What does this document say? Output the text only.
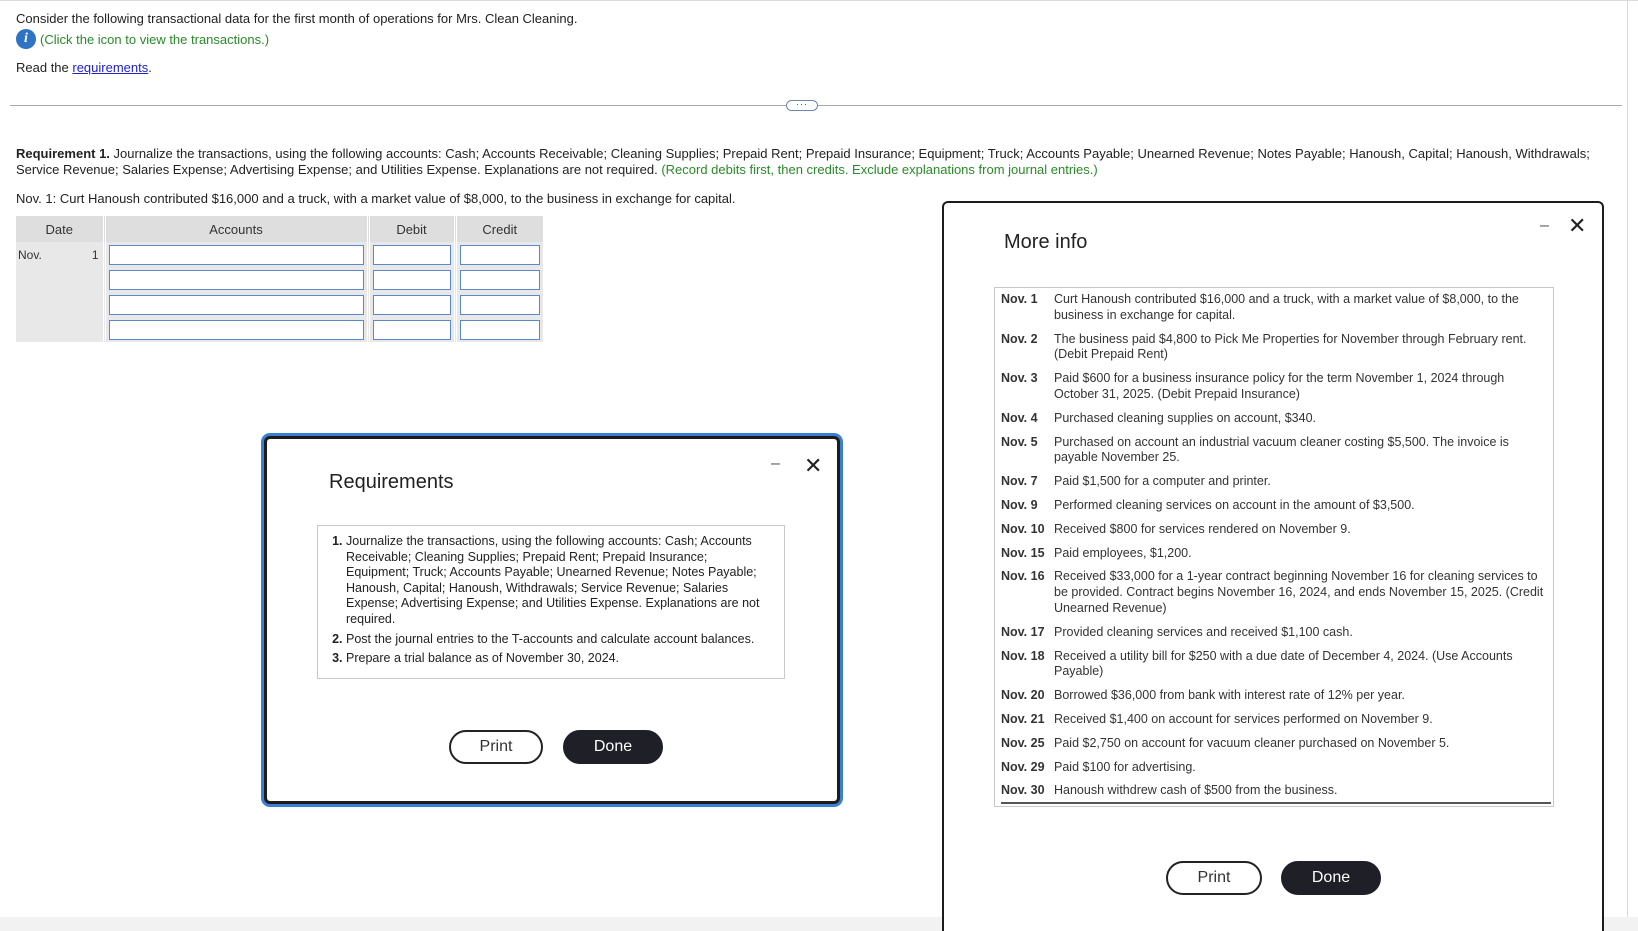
Consider the following transactional data for the first month of operations for Mrs. Clean Cleaning.
i (Click the icon to view the transactions.)
Read the requirements.
···
Requirement 1. Journalize the transactions, using the following accounts: Cash; Accounts Receivable; Cleaning Supplies; Prepaid Rent; Prepaid Insurance; Equipment; Truck; Accounts Payable; Unearned Revenue; Notes Payable; Hanoush, Capital; Hanoush, Withdrawals; Service Revenue; Salaries Expense; Advertising Expense; and Utilities Expense. Explanations are not required. (Record debits first, then credits. Exclude explanations from journal entries.)
Nov. 1: Curt Hanoush contributed $16,000 and a truck, with a market value of $8,000, to the business in exchange for capital.
Date	Accounts	Debit	Credit

Nov. 1

Requirements
– ✕
1. Journalize the transactions, using the following accounts: Cash; Accounts Receivable; Cleaning Supplies; Prepaid Rent; Prepaid Insurance; Equipment; Truck; Accounts Payable; Unearned Revenue; Notes Payable; Hanoush, Capital; Hanoush, Withdrawals; Service Revenue; Salaries Expense; Advertising Expense; and Utilities Expense. Explanations are not required.
2. Post the journal entries to the T-accounts and calculate account balances.
3. Prepare a trial balance as of November 30, 2024.
Print	Done
More info
– ✕
Nov. 1	Curt Hanoush contributed $16,000 and a truck, with a market value of $8,000, to the business in exchange for capital.
Nov. 2	The business paid $4,800 to Pick Me Properties for November through February rent. (Debit Prepaid Rent)
Nov. 3	Paid $600 for a business insurance policy for the term November 1, 2024 through October 31, 2025. (Debit Prepaid Insurance)
Nov. 4	Purchased cleaning supplies on account, $340.
Nov. 5	Purchased on account an industrial vacuum cleaner costing $5,500. The invoice is payable November 25.
Nov. 7	Paid $1,500 for a computer and printer.
Nov. 9	Performed cleaning services on account in the amount of $3,500.
Nov. 10 Received $800 for services rendered on November 9.
Nov. 15 Paid employees, $1,200.
Nov. 16 Received $33,000 for a 1-year contract beginning November 16 for cleaning services to be provided. Contract begins November 16, 2024, and ends November 15, 2025. (Credit Unearned Revenue)
Nov. 17 Provided cleaning services and received $1,100 cash.
Nov. 18 Received a utility bill for $250 with a due date of December 4, 2024. (Use Accounts Payable)
Nov. 20 Borrowed $36,000 from bank with interest rate of 12% per year.
Nov. 21 Received $1,400 on account for services performed on November 9.
Nov. 25 Paid $2,750 on account for vacuum cleaner purchased on November 5.
Nov. 29 Paid $100 for advertising.
Nov. 30 Hanoush withdrew cash of $500 from the business.
Print	Done
